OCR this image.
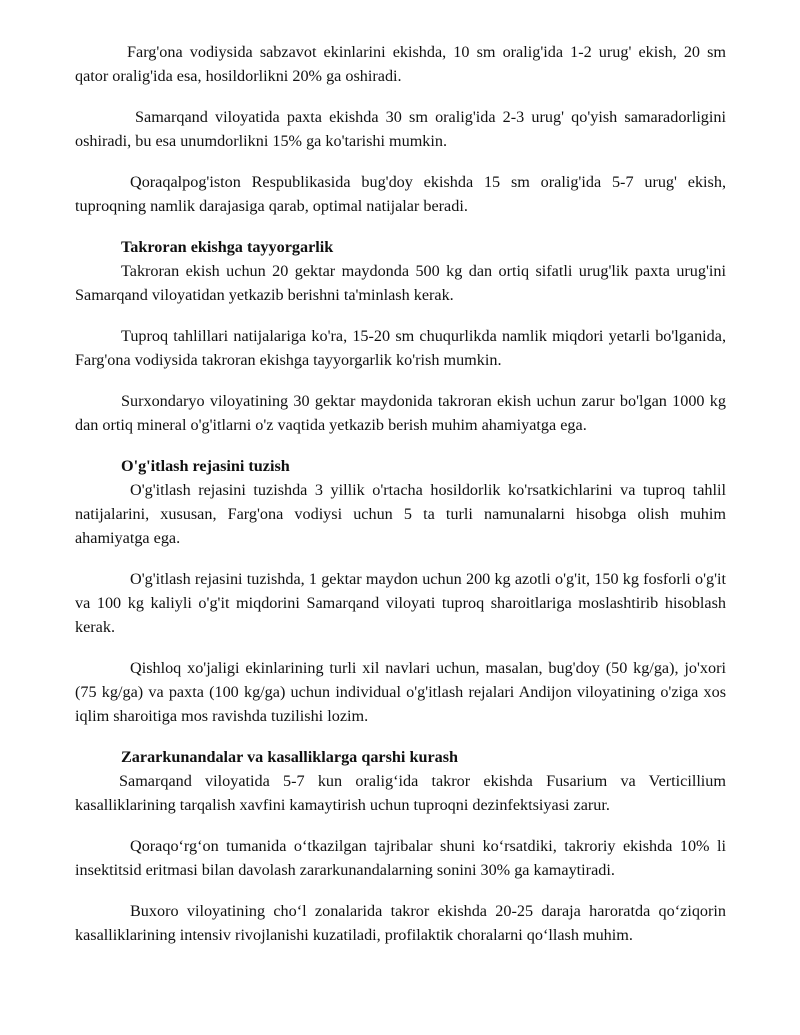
Farg'ona vodiysida sabzavot ekinlarini ekishda, 10 sm oralig'ida 1-2 urug' ekish, 20 sm qator oralig'ida esa, hosildorlikni 20% ga oshiradi.

Samarqand viloyatida paxta ekishda 30 sm oralig'ida 2-3 urug' qo'yish samaradorligini oshiradi, bu esa unumdorlikni 15% ga ko'tarishi mumkin.

Qoraqalpog'iston Respublikasida bug'doy ekishda 15 sm oralig'ida 5-7 urug' ekish, tuproqning namlik darajasiga qarab, optimal natijalar beradi.

Takroran ekishga tayyorgarlik

Takroran ekish uchun 20 gektar maydonda 500 kg dan ortiq sifatli urug'lik paxta urug'ini Samarqand viloyatidan yetkazib berishni ta'minlash kerak.

Tuproq tahlillari natijalariga ko'ra, 15-20 sm chuqurlikda namlik miqdori yetarli bo'lganida, Farg'ona vodiysida takroran ekishga tayyorgarlik ko'rish mumkin.

Surxondaryo viloyatining 30 gektar maydonida takroran ekish uchun zarur bo'lgan 1000 kg dan ortiq mineral o'g'itlarni o'z vaqtida yetkazib berish muhim ahamiyatga ega.

O'g'itlash rejasini tuzish

O'g'itlash rejasini tuzishda 3 yillik o'rtacha hosildorlik ko'rsatkichlarini va tuproq tahlil natijalarini, xususan, Farg'ona vodiysi uchun 5 ta turli namunalarni hisobga olish muhim ahamiyatga ega.

O'g'itlash rejasini tuzishda, 1 gektar maydon uchun 200 kg azotli o'g'it, 150 kg fosforli o'g'it va 100 kg kaliyli o'g'it miqdorini Samarqand viloyati tuproq sharoitlariga moslashtirib hisoblash kerak.

Qishloq xo'jaligi ekinlarining turli xil navlari uchun, masalan, bug'doy (50 kg/ga), jo'xori (75 kg/ga) va paxta (100 kg/ga) uchun individual o'g'itlash rejalari Andijon viloyatining o'ziga xos iqlim sharoitiga mos ravishda tuzilishi lozim.

Zararkunandalar va kasalliklarga qarshi kurash

Samarqand viloyatida 5-7 kun oralig‘ida takror ekishda Fusarium va Verticillium kasalliklarining tarqalish xavfini kamaytirish uchun tuproqni dezinfektsiyasi zarur.

Qoraqo‘rg‘on tumanida o‘tkazilgan tajribalar shuni ko‘rsatdiki, takroriy ekishda 10% li insektitsid eritmasi bilan davolash zararkunandalarning sonini 30% ga kamaytiradi.

Buxoro viloyatining cho‘l zonalarida takror ekishda 20-25 daraja haroratda qo‘ziqorin kasalliklarining intensiv rivojlanishi kuzatiladi, profilaktik choralarni qo‘llash muhim.
